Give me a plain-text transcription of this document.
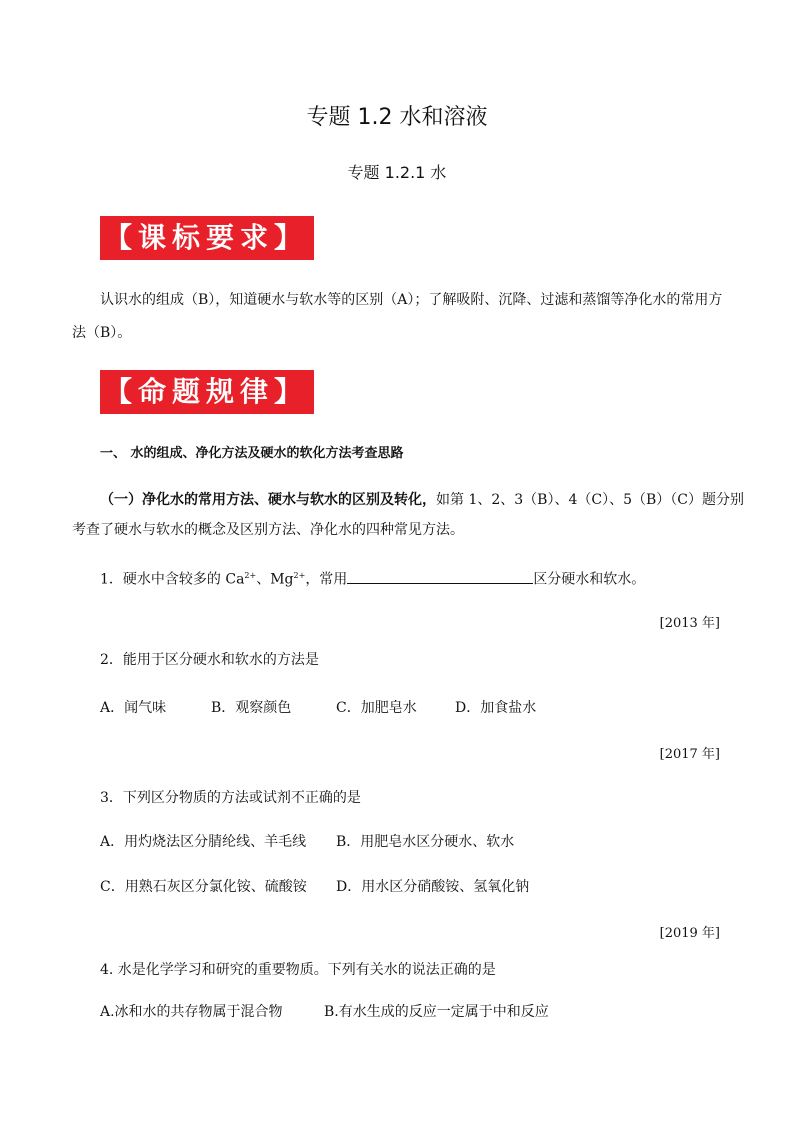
专题 1.2 水和溶液
专题 1.2.1 水
【课标要求】
认识水的组成（B），知道硬水与软水等的区别（A）；了解吸附、沉降、过滤和蒸馏等净化水的常用方
法（B）。
【命题规律】
一、 水的组成、净化方法及硬水的软化方法考查思路
（一）净化水的常用方法、硬水与软水的区别及转化，如第 1、2、3（B）、4（C）、5（B）（C）题分别
考查了硬水与软水的概念及区别方法、净化水的四种常见方法。
1．硬水中含较多的 $Ca^{2+}$、$Mg^{2+}$，常用	区分硬水和软水。
[2013 年]
2．能用于区分硬水和软水的方法是
A．闻气味	B．观察颜色	C．加肥皂水	D．加食盐水
[2017 年]
3．下列区分物质的方法或试剂不正确的是
A．用灼烧法区分腈纶线、羊毛线 B．用肥皂水区分硬水、软水
C．用熟石灰区分氯化铵、硫酸铵 D．用水区分硝酸铵、氢氧化钠
[2019 年]
4. 水是化学学习和研究的重要物质。下列有关水的说法正确的是
A.冰和水的共存物属于混合物	B.有水生成的反应一定属于中和反应
